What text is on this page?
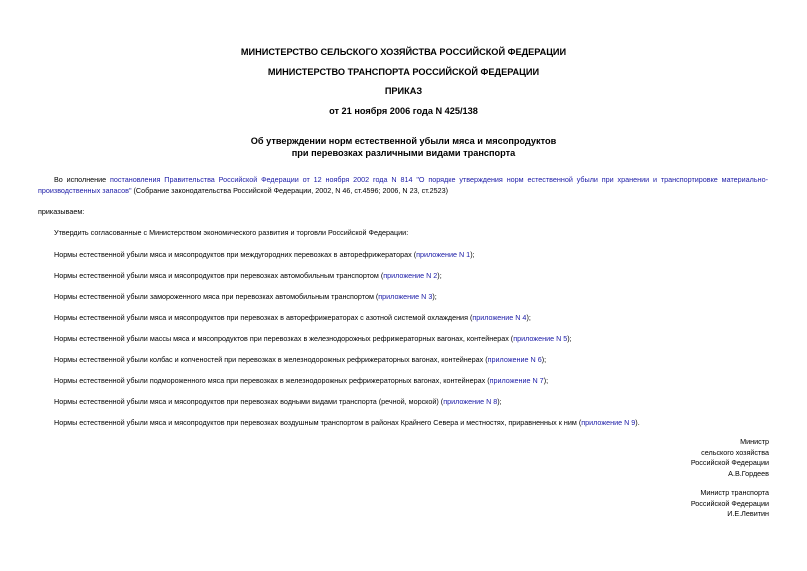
МИНИСТЕРСТВО СЕЛЬСКОГО ХОЗЯЙСТВА РОССИЙСКОЙ ФЕДЕРАЦИИ
МИНИСТЕРСТВО ТРАНСПОРТА РОССИЙСКОЙ ФЕДЕРАЦИИ
ПРИКАЗ
от 21 ноября 2006 года N 425/138
Об утверждении норм естественной убыли мяса и мясопродуктов
при перевозках различными видами транспорта
Во исполнение постановления Правительства Российской Федерации от 12 ноября 2002 года N 814 "О порядке утверждения норм естественной убыли при хранении и транспортировке материально-производственных запасов" (Собрание законодательства Российской Федерации, 2002, N 46, ст.4596; 2006, N 23, ст.2523)
приказываем:
Утвердить согласованные с Министерством экономического развития и торговли Российской Федерации:
Нормы естественной убыли мяса и мясопродуктов при междугородних перевозках в авторефрижераторах (приложение N 1);
Нормы естественной убыли мяса и мясопродуктов при перевозках автомобильным транспортом (приложение N 2);
Нормы естественной убыли замороженного мяса при перевозках автомобильным транспортом (приложение N 3);
Нормы естественной убыли мяса и мясопродуктов при перевозках в авторефрижераторах с азотной системой охлаждения (приложение N 4);
Нормы естественной убыли массы мяса и мясопродуктов при перевозках в железнодорожных рефрижераторных вагонах, контейнерах (приложение N 5);
Нормы естественной убыли колбас и копченостей при перевозках в железнодорожных рефрижераторных вагонах, контейнерах (приложение N 6);
Нормы естественной убыли подмороженного мяса при перевозках в железнодорожных рефрижераторных вагонах, контейнерах (приложение N 7);
Нормы естественной убыли мяса и мясопродуктов при перевозках водными видами транспорта (речной, морской) (приложение N 8);
Нормы естественной убыли мяса и мясопродуктов при перевозках воздушным транспортом в районах Крайнего Севера и местностях, приравненных к ним (приложение N 9).
Министр
сельского хозяйства
Российской Федерации
А.В.Гордеев
Министр транспорта
Российской Федерации
И.Е.Левитин
